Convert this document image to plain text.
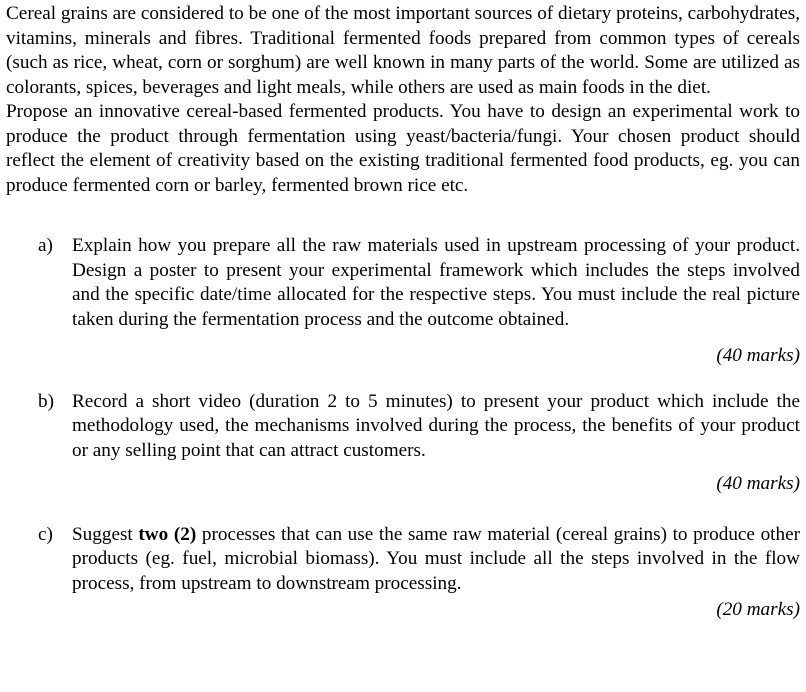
Cereal grains are considered to be one of the most important sources of dietary proteins, carbohydrates, vitamins, minerals and fibres. Traditional fermented foods prepared from common types of cereals (such as rice, wheat, corn or sorghum) are well known in many parts of the world. Some are utilized as colorants, spices, beverages and light meals, while others are used as main foods in the diet.

Propose an innovative cereal-based fermented products. You have to design an experimental work to produce the product through fermentation using yeast/bacteria/fungi. Your chosen product should reflect the element of creativity based on the existing traditional fermented food products, eg. you can produce fermented corn or barley, fermented brown rice etc.

a) Explain how you prepare all the raw materials used in upstream processing of your product. Design a poster to present your experimental framework which includes the steps involved and the specific date/time allocated for the respective steps. You must include the real picture taken during the fermentation process and the outcome obtained.

(40 marks)

b) Record a short video (duration 2 to 5 minutes) to present your product which include the methodology used, the mechanisms involved during the process, the benefits of your product or any selling point that can attract customers.

(40 marks)

c) Suggest two (2) processes that can use the same raw material (cereal grains) to produce other products (eg. fuel, microbial biomass). You must include all the steps involved in the flow process, from upstream to downstream processing.

(20 marks)
